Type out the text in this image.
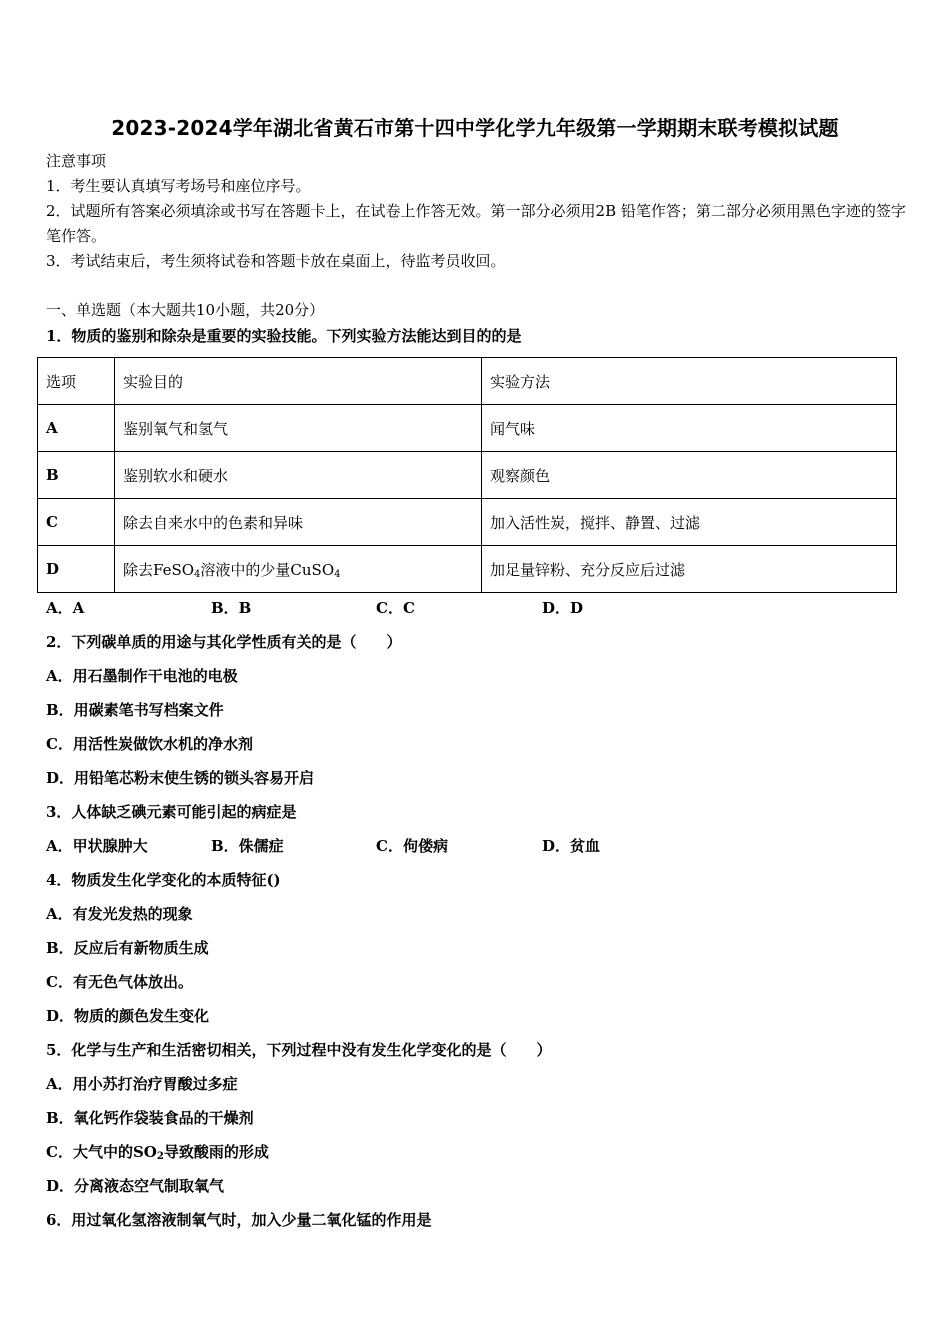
2023-2024学年湖北省黄石市第十四中学化学九年级第一学期期末联考模拟试题
注意事项
1．考生要认真填写考场号和座位序号。
2．试题所有答案必须填涂或书写在答题卡上，在试卷上作答无效。第一部分必须用2B 铅笔作答；第二部分必须用黑色字迹的签字笔作答。
3．考试结束后，考生须将试卷和答题卡放在桌面上，待监考员收回。
一、单选题（本大题共10小题，共20分）
1．物质的鉴别和除杂是重要的实验技能。下列实验方法能达到目的的是
选项	实验目的	实验方法
A	鉴别氧气和氢气	闻气味
B	鉴别软水和硬水	观察颜色
C	除去自来水中的色素和异味	加入活性炭，搅拌、静置、过滤
D	除去FeSO$_4$溶液中的少量CuSO$_4$	加足量锌粉、充分反应后过滤
A．A	B．B	C．C	D．D
2．下列碳单质的用途与其化学性质有关的是（　　）
A．用石墨制作干电池的电极
B．用碳素笔书写档案文件
C．用活性炭做饮水机的净水剂
D．用铅笔芯粉末使生锈的锁头容易开启
3．人体缺乏碘元素可能引起的病症是
A．甲状腺肿大	B．侏儒症	C．佝偻病	D．贫血
4．物质发生化学变化的本质特征()
A．有发光发热的现象
B．反应后有新物质生成
C．有无色气体放出。
D．物质的颜色发生变化
5．化学与生产和生活密切相关，下列过程中没有发生化学变化的是（　　）
A．用小苏打治疗胃酸过多症
B．氧化钙作袋装食品的干燥剂
C．大气中的$SO_2$导致酸雨的形成
D．分离液态空气制取氧气
6．用过氧化氢溶液制氧气时，加入少量二氧化锰的作用是
